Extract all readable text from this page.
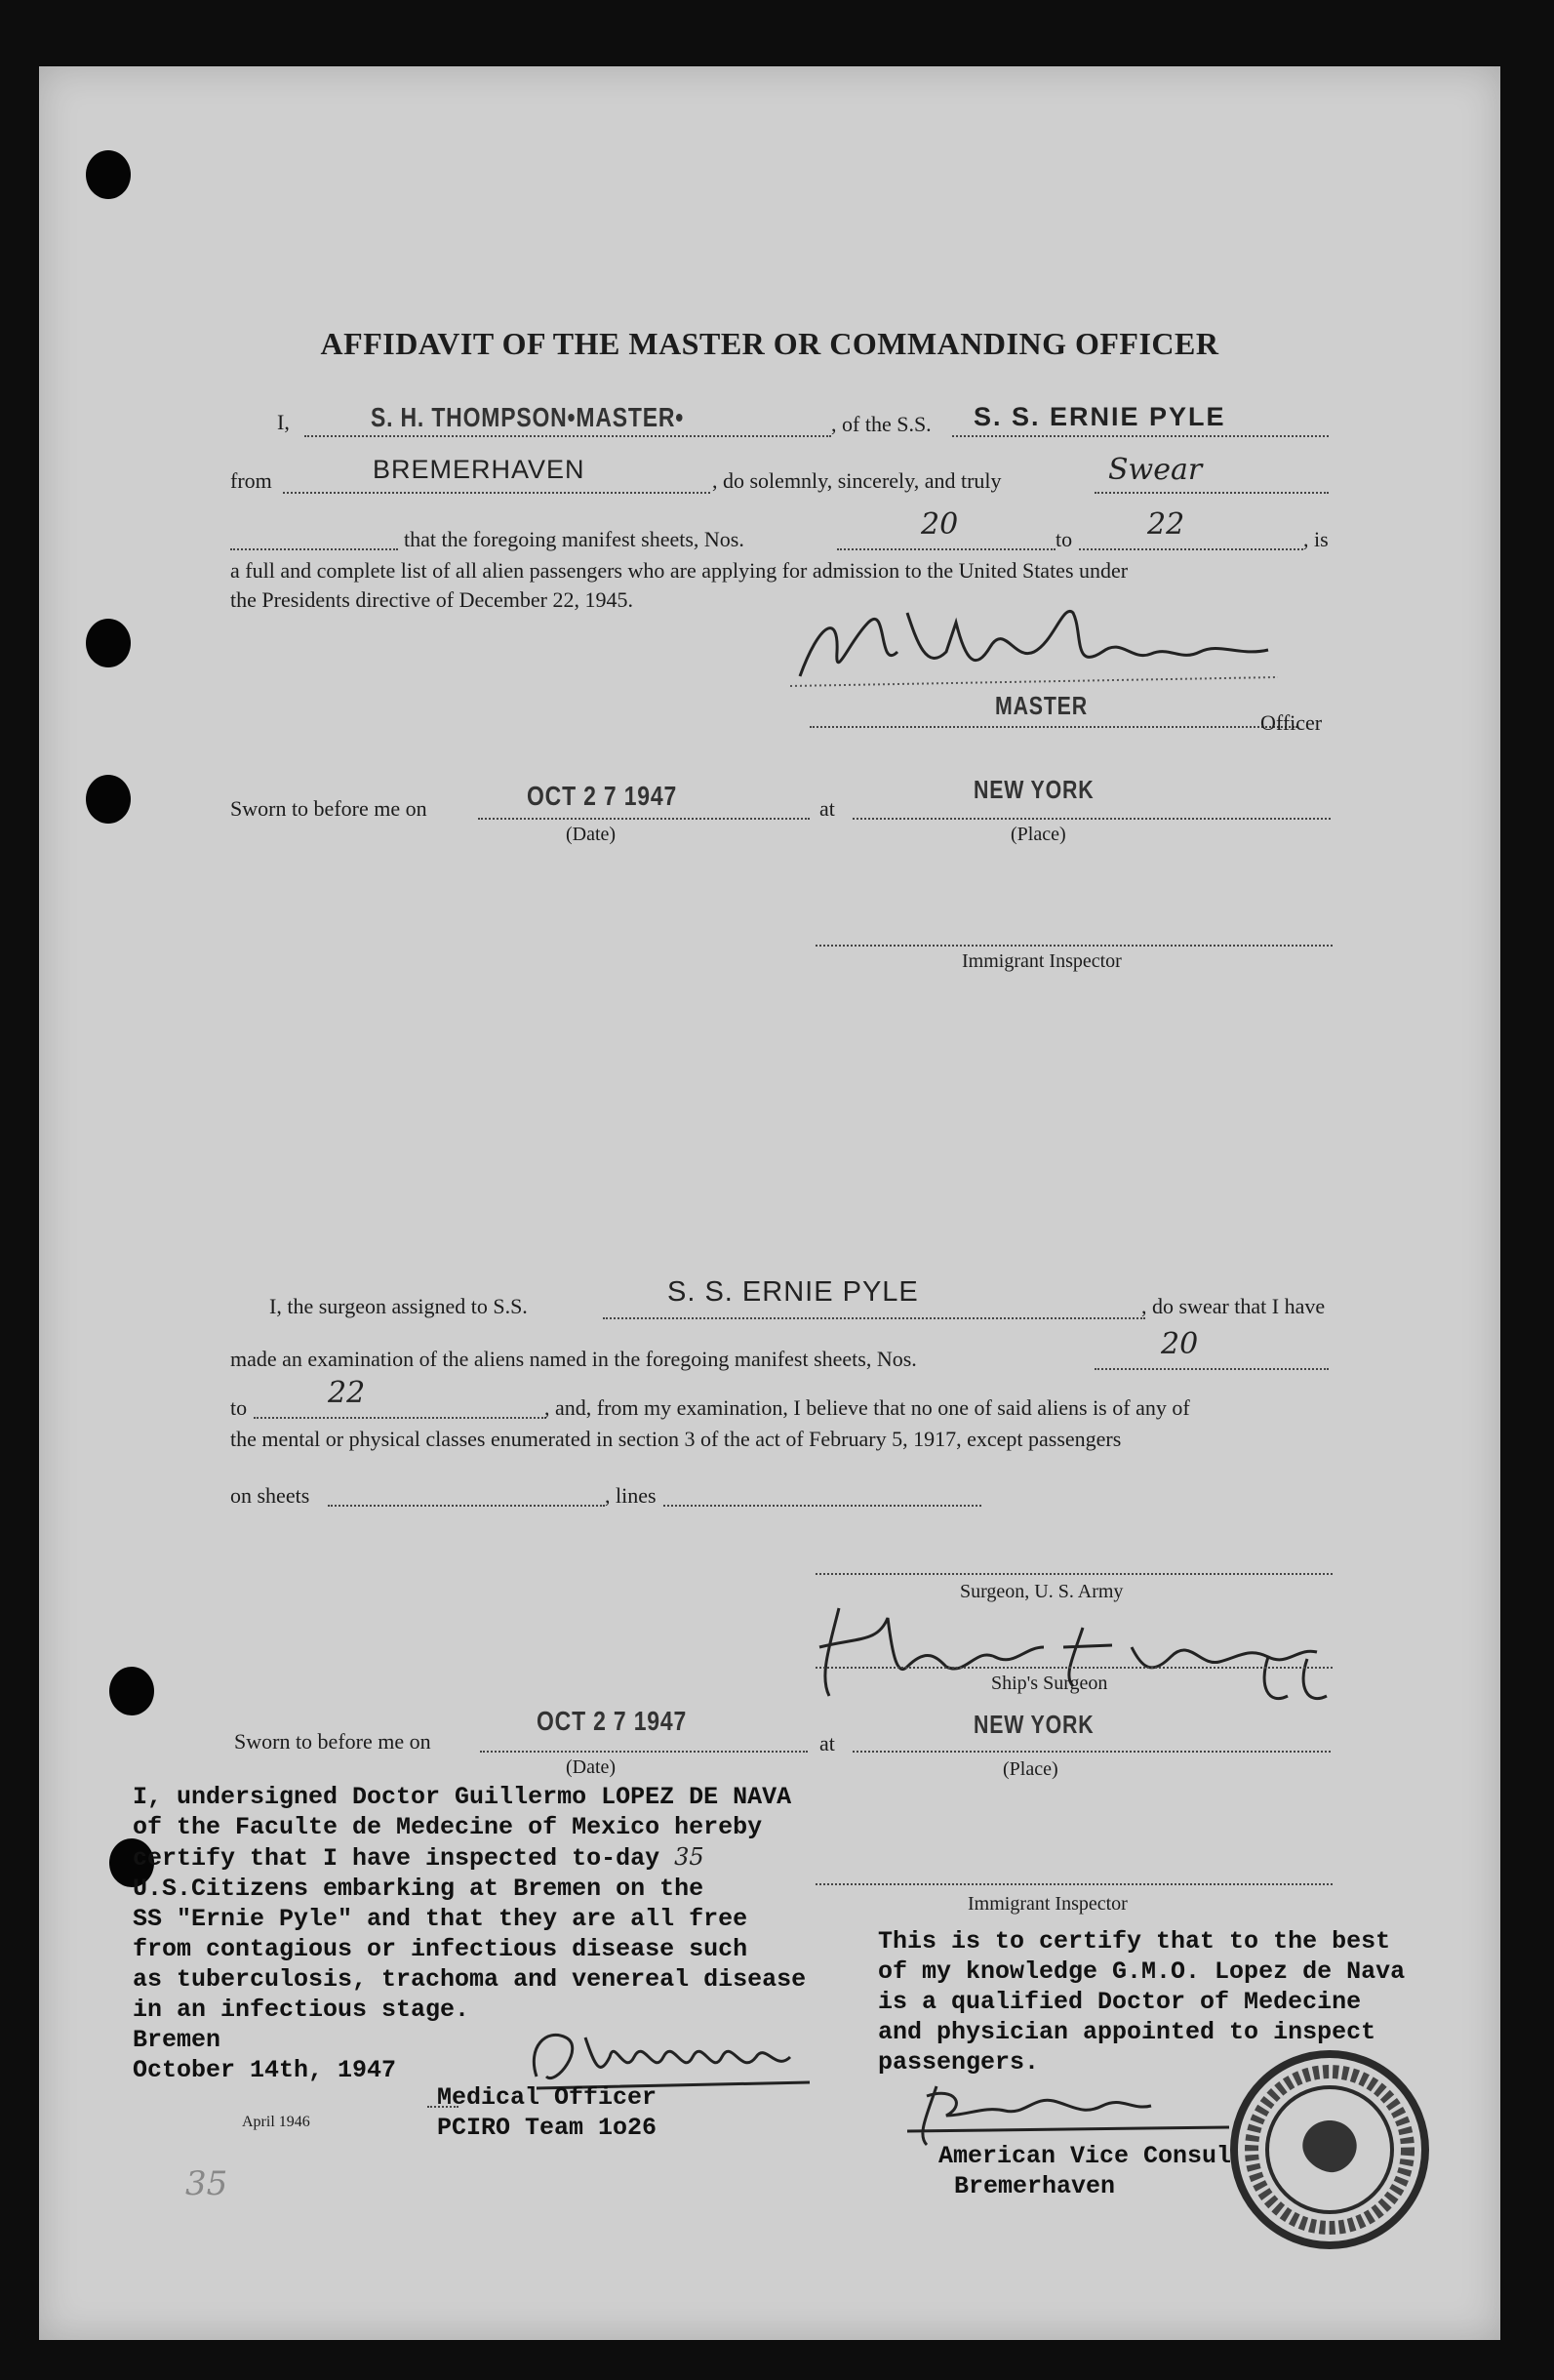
AFFIDAVIT OF THE MASTER OR COMMANDING OFFICER
I,	S. H. THOMPSON•MASTER•	, of the S.S. S. S. ERNIE PYLE
from	BREMERHAVEN	, do solemnly, sincerely, and truly	Swear
that the foregoing manifest sheets, Nos.	20	to	22	, is
a full and complete list of all alien passengers who are applying for admission to the United States under
the Presidents directive of December 22, 1945.
MASTER
Officer
Sworn to before me on	OCT 2 7 1947
(Date)
at
NEW YORK
(Place)
Immigrant Inspector
I, the surgeon assigned to S.S.	S. S. ERNIE PYLE	, do swear that I have
made an examination of the aliens named in the foregoing manifest sheets, Nos.	20
to	22	, and, from my examination, I believe that no one of said aliens is of any of
the mental or physical classes enumerated in section 3 of the act of February 5, 1917, except passengers
on sheets	, lines
Surgeon, U. S. Army
Ship's Surgeon
Sworn to before me on
OCT 2 7 1947
(Date)
at
NEW YORK
(Place)
Immigrant Inspector
I, undersigned Doctor Guillermo LOPEZ DE NAVA
of the Faculte de Medecine of Mexico hereby
certify that I have inspected to-day 35
U.S.Citizens embarking at Bremen on the
SS "Ernie Pyle" and that they are all free
from contagious or infectious disease such
as tuberculosis, trachoma and venereal disease
in an infectious stage.
Bremen
October 14th, 1947
Medical Officer
PCIRO Team 1o26
This is to certify that to the best
of my knowledge G.M.O. Lopez de Nava
is a qualified Doctor of Medecine
and physician appointed to inspect
passengers.
American Vice Consul
Bremerhaven
April 1946
35
